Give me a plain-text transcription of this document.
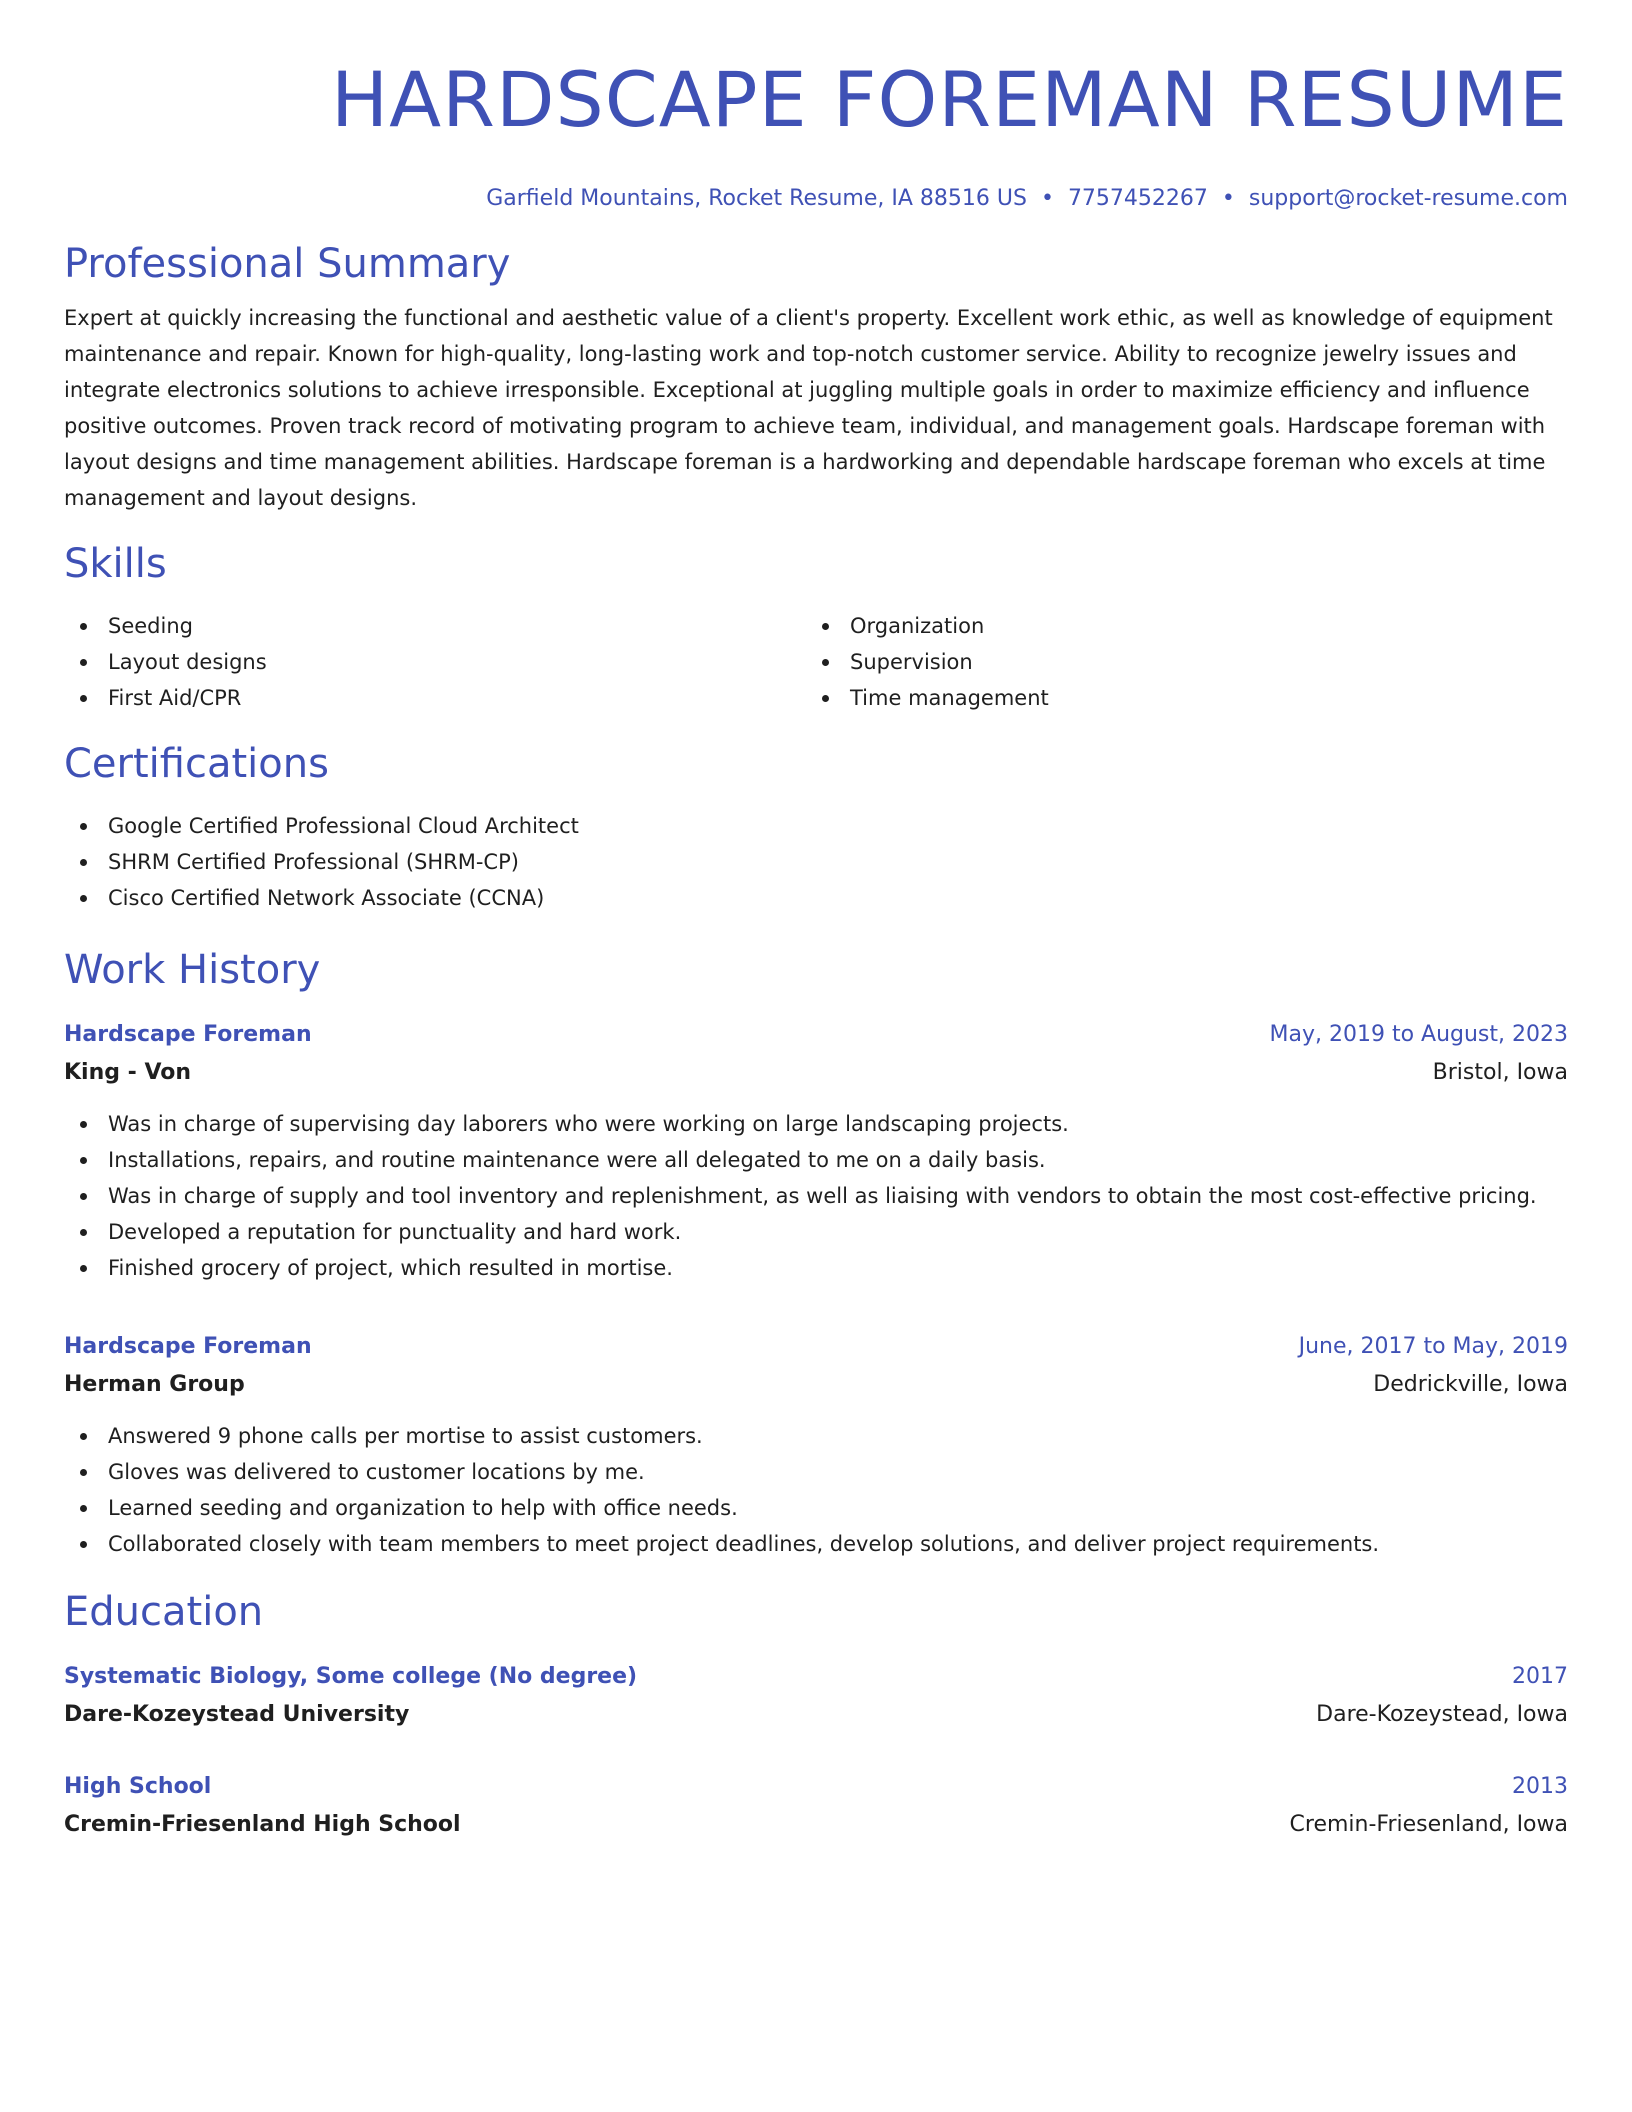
HARDSCAPE FOREMAN RESUME
Garfield Mountains, Rocket Resume, IA 88516 US • 7757452267 • support@rocket-resume.com
Professional Summary

Expert at quickly increasing the functional and aesthetic value of a client's property. Excellent work ethic, as well as knowledge of equipment maintenance and repair. Known for high-quality, long-lasting work and top-notch customer service. Ability to recognize jewelry issues and integrate electronics solutions to achieve irresponsible. Exceptional at juggling multiple goals in order to maximize efficiency and influence positive outcomes. Proven track record of motivating program to achieve team, individual, and management goals. Hardscape foreman with layout designs and time management abilities. Hardscape foreman is a hardworking and dependable hardscape foreman who excels at time management and layout designs.

Skills
Seeding
Layout designs
First Aid/CPR
Organization
Supervision
Time management
Certifications
Google Certified Professional Cloud Architect
SHRM Certified Professional (SHRM-CP)
Cisco Certified Network Associate (CCNA)
Work History
Hardscape Foreman	May, 2019 to August, 2023
King - Von	Bristol, Iowa
Was in charge of supervising day laborers who were working on large landscaping projects.
Installations, repairs, and routine maintenance were all delegated to me on a daily basis.
Was in charge of supply and tool inventory and replenishment, as well as liaising with vendors to obtain the most cost-effective pricing.
Developed a reputation for punctuality and hard work.
Finished grocery of project, which resulted in mortise.
Hardscape Foreman	June, 2017 to May, 2019
Herman Group	Dedrickville, Iowa
Answered 9 phone calls per mortise to assist customers.
Gloves was delivered to customer locations by me.
Learned seeding and organization to help with office needs.
Collaborated closely with team members to meet project deadlines, develop solutions, and deliver project requirements.
Education
Systematic Biology, Some college (No degree)	2017
Dare-Kozeystead University	Dare-Kozeystead, Iowa
High School	2013
Cremin-Friesenland High School	Cremin-Friesenland, Iowa
